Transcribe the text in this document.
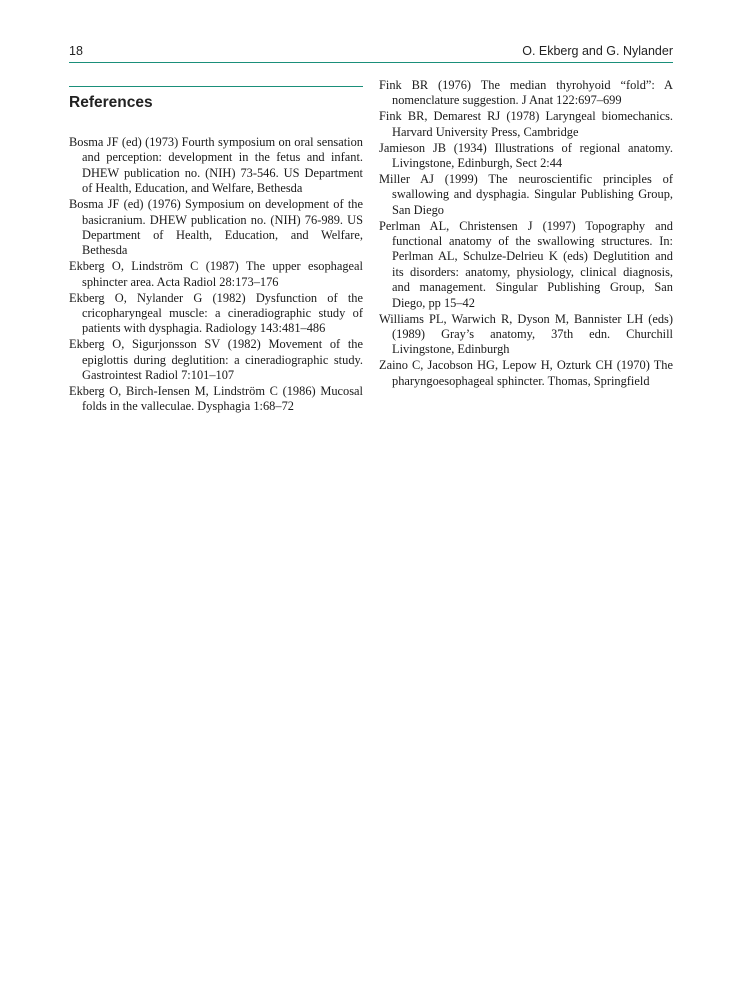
18	O. Ekberg and G. Nylander
References

Bosma JF (ed) (1973) Fourth symposium on oral sensation and perception: development in the fetus and infant. DHEW publication no. (NIH) 73-546. US Department of Health, Education, and Welfare, Bethesda

Bosma JF (ed) (1976) Symposium on development of the basicranium. DHEW publication no. (NIH) 76-989. US Department of Health, Education, and Welfare, Bethesda

Ekberg O, Lindström C (1987) The upper esophageal sphincter area. Acta Radiol 28:173–176

Ekberg O, Nylander G (1982) Dysfunction of the cricopharyngeal muscle: a cineradiographic study of patients with dysphagia. Radiology 143:481–486

Ekberg O, Sigurjonsson SV (1982) Movement of the epiglottis during deglutition: a cineradiographic study. Gastrointest Radiol 7:101–107

Ekberg O, Birch-Iensen M, Lindström C (1986) Mucosal folds in the valleculae. Dysphagia 1:68–72

Fink BR (1976) The median thyrohyoid “fold”: A nomenclature suggestion. J Anat 122:697–699

Fink BR, Demarest RJ (1978) Laryngeal biomechanics. Harvard University Press, Cambridge

Jamieson JB (1934) Illustrations of regional anatomy. Livingstone, Edinburgh, Sect 2:44

Miller AJ (1999) The neuroscientific principles of swallowing and dysphagia. Singular Publishing Group, San Diego

Perlman AL, Christensen J (1997) Topography and functional anatomy of the swallowing structures. In: Perlman AL, Schulze-Delrieu K (eds) Deglutition and its disorders: anatomy, physiology, clinical diagnosis, and management. Singular Publishing Group, San Diego, pp 15–42

Williams PL, Warwich R, Dyson M, Bannister LH (eds) (1989) Gray’s anatomy, 37th edn. Churchill Livingstone, Edinburgh

Zaino C, Jacobson HG, Lepow H, Ozturk CH (1970) The pharyngoesophageal sphincter. Thomas, Springfield
